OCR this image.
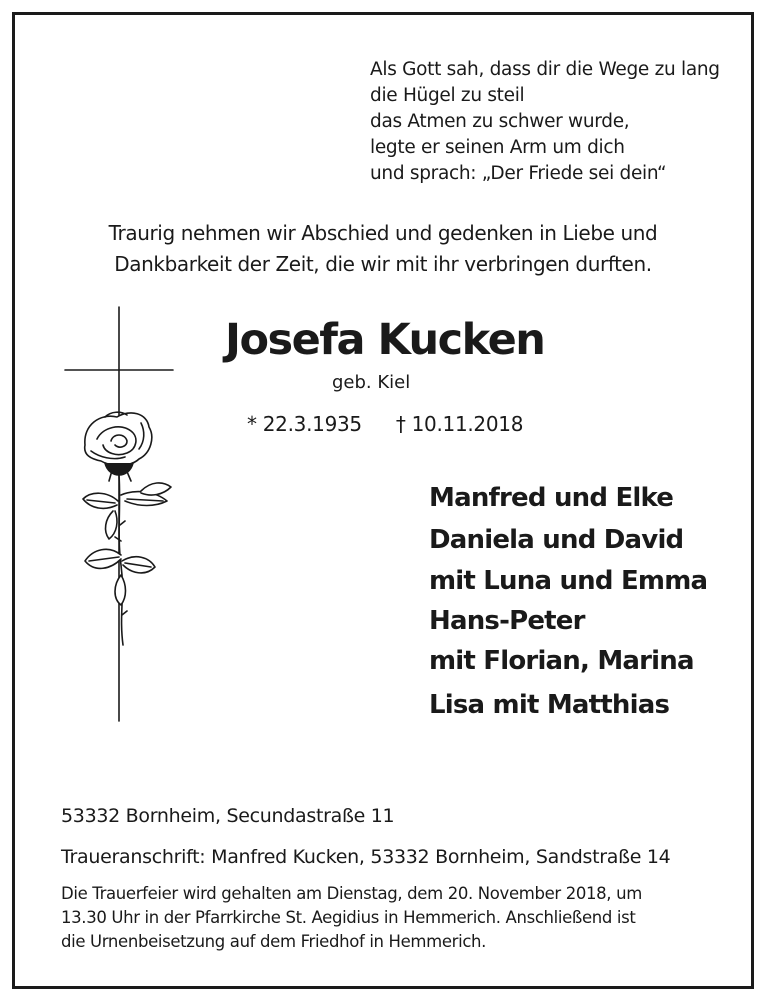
Als Gott sah, dass dir die Wege zu lang
die Hügel zu steil
das Atmen zu schwer wurde,
legte er seinen Arm um dich
und sprach: „Der Friede sei dein“
Traurig nehmen wir Abschied und gedenken in Liebe und
Dankbarkeit der Zeit, die wir mit ihr verbringen durften.
Josefa Kucken
geb. Kiel
* 22.3.1935 † 10.11.2018
Manfred und Elke
Daniela und David
mit Luna und Emma
Hans-Peter
mit Florian, Marina
Lisa mit Matthias
53332 Bornheim, Secundastraße 11
Traueranschrift: Manfred Kucken, 53332 Bornheim, Sandstraße 14
Die Trauerfeier wird gehalten am Dienstag, dem 20. November 2018, um
13.30 Uhr in der Pfarrkirche St. Aegidius in Hemmerich. Anschließend ist
die Urnenbeisetzung auf dem Friedhof in Hemmerich.
